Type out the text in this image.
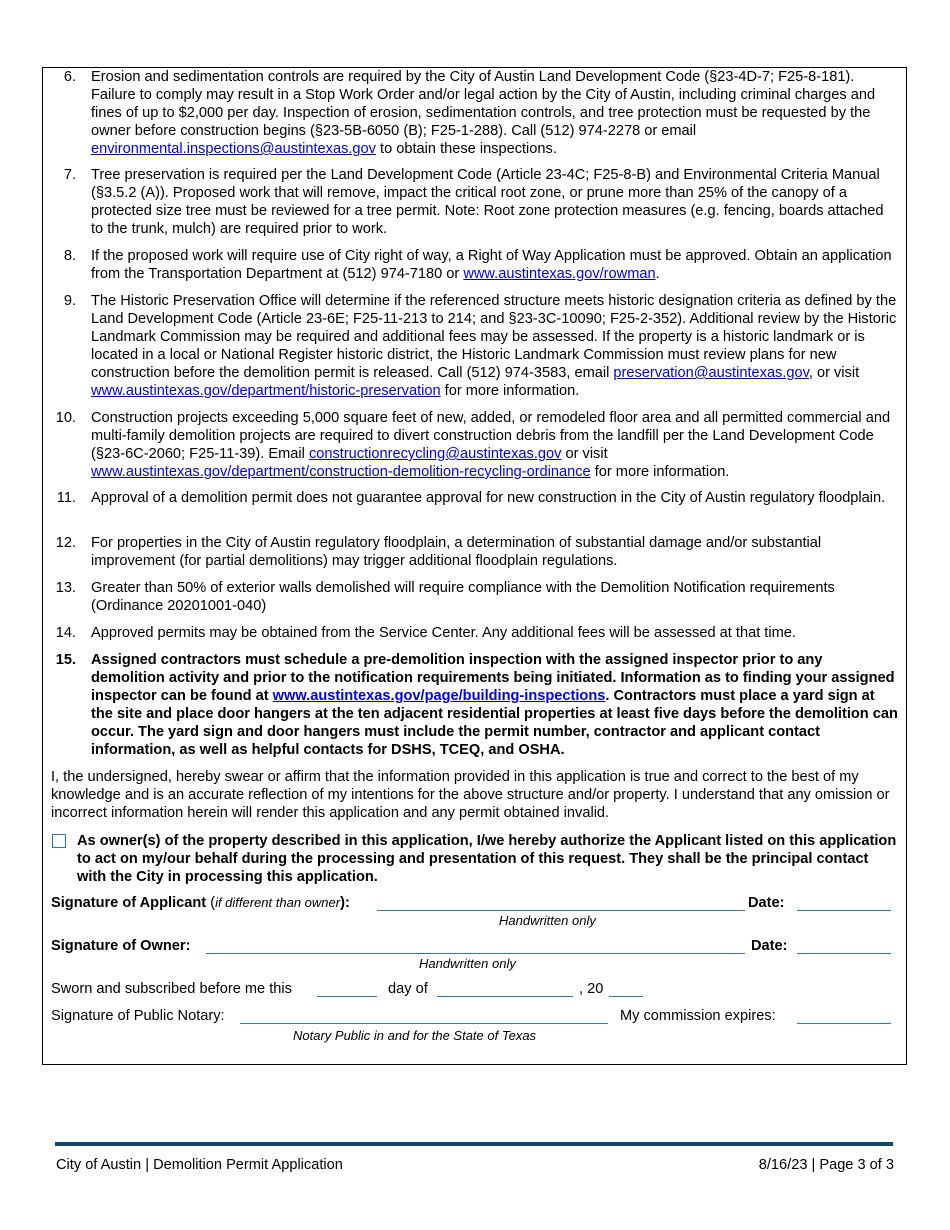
6. Erosion and sedimentation controls are required by the City of Austin Land Development Code (§23-4D-7; F25-8-181). Failure to comply may result in a Stop Work Order and/or legal action by the City of Austin, including criminal charges and fines of up to $2,000 per day. Inspection of erosion, sedimentation controls, and tree protection must be requested by the owner before construction begins (§23-5B-6050 (B); F25-1-288). Call (512) 974-2278 or email environmental.inspections@austintexas.gov to obtain these inspections.
7. Tree preservation is required per the Land Development Code (Article 23-4C; F25-8-B) and Environmental Criteria Manual (§3.5.2 (A)). Proposed work that will remove, impact the critical root zone, or prune more than 25% of the canopy of a protected size tree must be reviewed for a tree permit. Note: Root zone protection measures (e.g. fencing, boards attached to the trunk, mulch) are required prior to work.
8. If the proposed work will require use of City right of way, a Right of Way Application must be approved. Obtain an application from the Transportation Department at (512) 974-7180 or www.austintexas.gov/rowman.
9. The Historic Preservation Office will determine if the referenced structure meets historic designation criteria as defined by the Land Development Code (Article 23-6E; F25-11-213 to 214; and §23-3C-10090; F25-2-352). Additional review by the Historic Landmark Commission may be required and additional fees may be assessed. If the property is a historic landmark or is located in a local or National Register historic district, the Historic Landmark Commission must review plans for new construction before the demolition permit is released. Call (512) 974-3583, email preservation@austintexas.gov, or visit www.austintexas.gov/department/historic-preservation for more information.
10. Construction projects exceeding 5,000 square feet of new, added, or remodeled floor area and all permitted commercial and multi-family demolition projects are required to divert construction debris from the landfill per the Land Development Code (§23-6C-2060; F25-11-39). Email constructionrecycling@austintexas.gov or visit www.austintexas.gov/department/construction-demolition-recycling-ordinance for more information.
11. Approval of a demolition permit does not guarantee approval for new construction in the City of Austin regulatory floodplain.
12. For properties in the City of Austin regulatory floodplain, a determination of substantial damage and/or substantial improvement (for partial demolitions) may trigger additional floodplain regulations.
13. Greater than 50% of exterior walls demolished will require compliance with the Demolition Notification requirements (Ordinance 20201001-040)
14. Approved permits may be obtained from the Service Center. Any additional fees will be assessed at that time.
15. Assigned contractors must schedule a pre-demolition inspection with the assigned inspector prior to any demolition activity and prior to the notification requirements being initiated. Information as to finding your assigned inspector can be found at www.austintexas.gov/page/building-inspections. Contractors must place a yard sign at the site and place door hangers at the ten adjacent residential properties at least five days before the demolition can occur. The yard sign and door hangers must include the permit number, contractor and applicant contact information, as well as helpful contacts for DSHS, TCEQ, and OSHA.
I, the undersigned, hereby swear or affirm that the information provided in this application is true and correct to the best of my knowledge and is an accurate reflection of my intentions for the above structure and/or property. I understand that any omission or incorrect information herein will render this application and any permit obtained invalid.
As owner(s) of the property described in this application, I/we hereby authorize the Applicant listed on this application to act on my/our behalf during the processing and presentation of this request. They shall be the principal contact with the City in processing this application.
Signature of Applicant (if different than owner):	Date:
Handwritten only
Signature of Owner:	Date:
Handwritten only
Sworn and subscribed before me this	day of	, 20
Signature of Public Notary:	My commission expires:
Notary Public in and for the State of Texas
City of Austin | Demolition Permit Application	8/16/23 | Page 3 of 3
